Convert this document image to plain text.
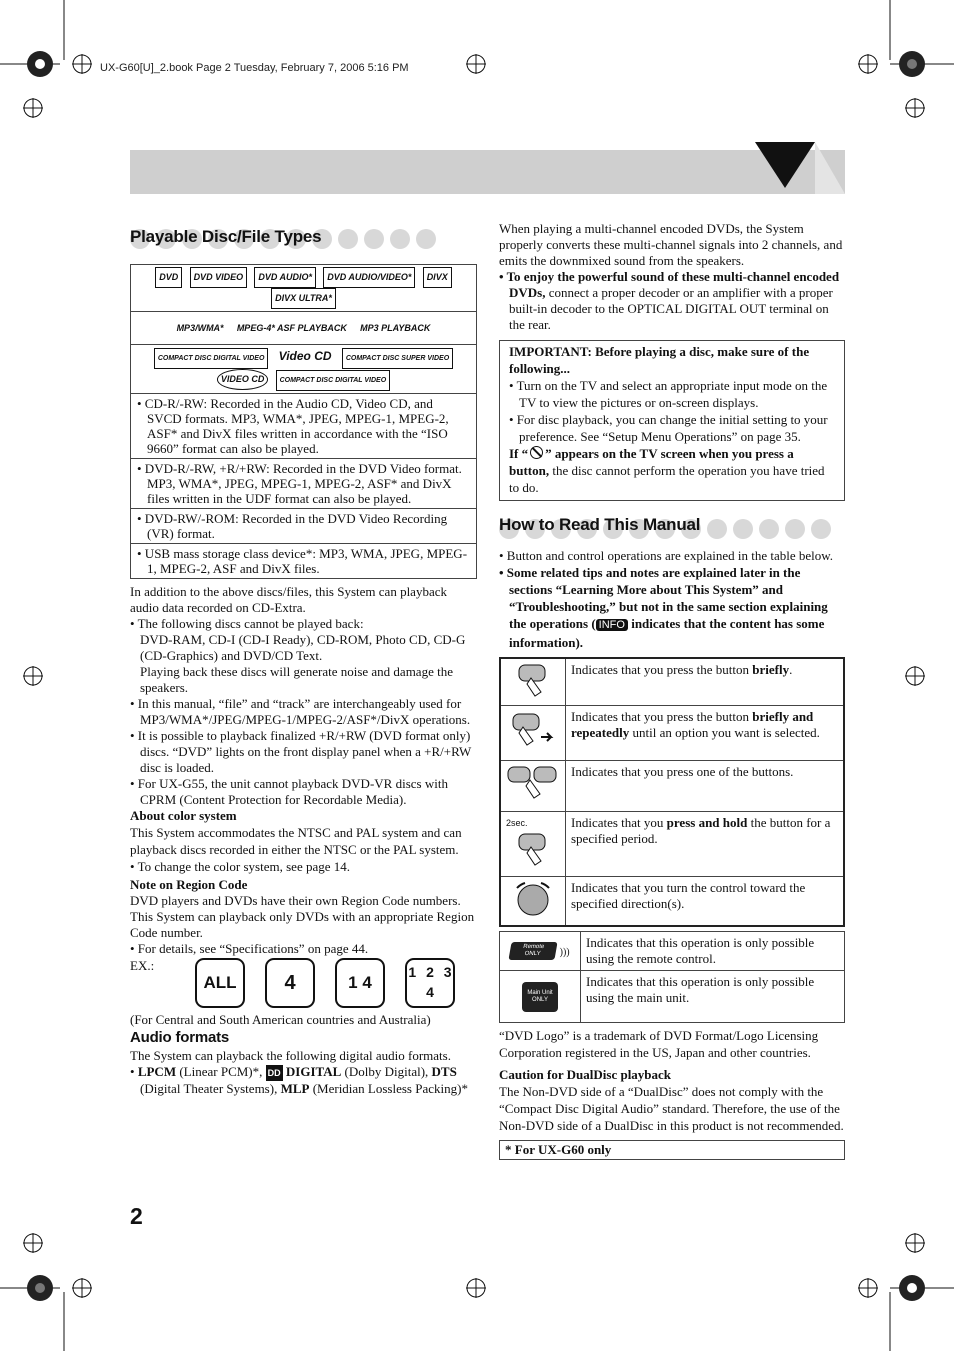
UX-G60[U]_2.book Page 2 Tuesday, February 7, 2006 5:16 PM
Playable Disc/File Types
DVD DVD VIDEO DVD AUDIO* DVD AUDIO/VIDEO* DIVX DIVX ULTRA*
MP3/WMA* MPEG-4* ASF PLAYBACK MP3 PLAYBACK
COMPACT DISC DIGITAL VIDEO Video CD COMPACT DISC SUPER VIDEO VIDEO CD COMPACT DISC DIGITAL VIDEO
• CD-R/-RW: Recorded in the Audio CD, Video CD, and SVCD formats. MP3, WMA*, JPEG, MPEG-1, MPEG-2, ASF* and DivX files written in accordance with the “ISO 9660” format can also be played.
• DVD-R/-RW, +R/+RW: Recorded in the DVD Video format. MP3, WMA*, JPEG, MPEG-1, MPEG-2, ASF* and DivX files written in the UDF format can also be played.
• DVD-RW/-ROM: Recorded in the DVD Video Recording (VR) format.
• USB mass storage class device*: MP3, WMA, JPEG, MPEG-1, MPEG-2, ASF and DivX files.

In addition to the above discs/files, this System can playback audio data recorded on CD-Extra.

• The following discs cannot be played back:

DVD-RAM, CD-I (CD-I Ready), CD-ROM, Photo CD, CD-G (CD-Graphics) and DVD/CD Text.

Playing back these discs will generate noise and damage the speakers.

• In this manual, “file” and “track” are interchangeably used for MP3/WMA*/JPEG/MPEG-1/MPEG-2/ASF*/DivX operations.

• It is possible to playback finalized +R/+RW (DVD format only) discs. “DVD” lights on the front display panel when a +R/+RW disc is loaded.

• For UX-G55, the unit cannot playback DVD-VR discs with CPRM (Content Protection for Recordable Media).

About color system

This System accommodates the NTSC and PAL system and can playback discs recorded in either the NTSC or the PAL system.

• To change the color system, see page 14.

Note on Region Code

DVD players and DVDs have their own Region Code numbers. This System can playback only DVDs with an appropriate Region Code number.

• For details, see “Specifications” on page 44.

EX.:
ALL	4	1 4
1 2 3 4

(For Central and South American countries and Australia)

Audio formats

The System can playback the following digital audio formats.

• LPCM (Linear PCM)*, DD DIGITAL (Dolby Digital), DTS (Digital Theater Systems), MLP (Meridian Lossless Packing)*

2

When playing a multi-channel encoded DVDs, the System properly converts these multi-channel signals into 2 channels, and emits the downmixed sound from the speakers.

• To enjoy the powerful sound of these multi-channel encoded DVDs, connect a proper decoder or an amplifier with a proper built-in decoder to the OPTICAL DIGITAL OUT terminal on the rear.

IMPORTANT: Before playing a disc, make sure of the following...

• Turn on the TV and select an appropriate input mode on the TV to view the pictures or on-screen displays.

• For disc playback, you can change the initial setting to your preference. See “Setup Menu Operations” on page 35.

If “ ” appears on the TV screen when you press a button, the disc cannot perform the operation you have tried to do.

How to Read This Manual

• Button and control operations are explained in the table below.

• Some related tips and notes are explained later in the sections “Learning More about This System” and “Troubleshooting,” but not in the same section explaining the operations ( INFO indicates that the content has some information).

	Indicates that you press the button briefly.
	Indicates that you press the button briefly and repeatedly until an option you want is selected.
	Indicates that you press one of the buttons.

2sec.	Indicates that you press and hold the button for a specified period.
	Indicates that you turn the control toward the specified direction(s).
Remote ONLY )))	Indicates that this operation is only possible using the remote control.
Main Unit ONLY	Indicates that this operation is only possible using the main unit.

“DVD Logo” is a trademark of DVD Format/Logo Licensing Corporation registered in the US, Japan and other countries.

Caution for DualDisc playback

The Non-DVD side of a “DualDisc” does not comply with the “Compact Disc Digital Audio” standard. Therefore, the use of the Non-DVD side of a DualDisc in this product is not recommended.

* For UX-G60 only
